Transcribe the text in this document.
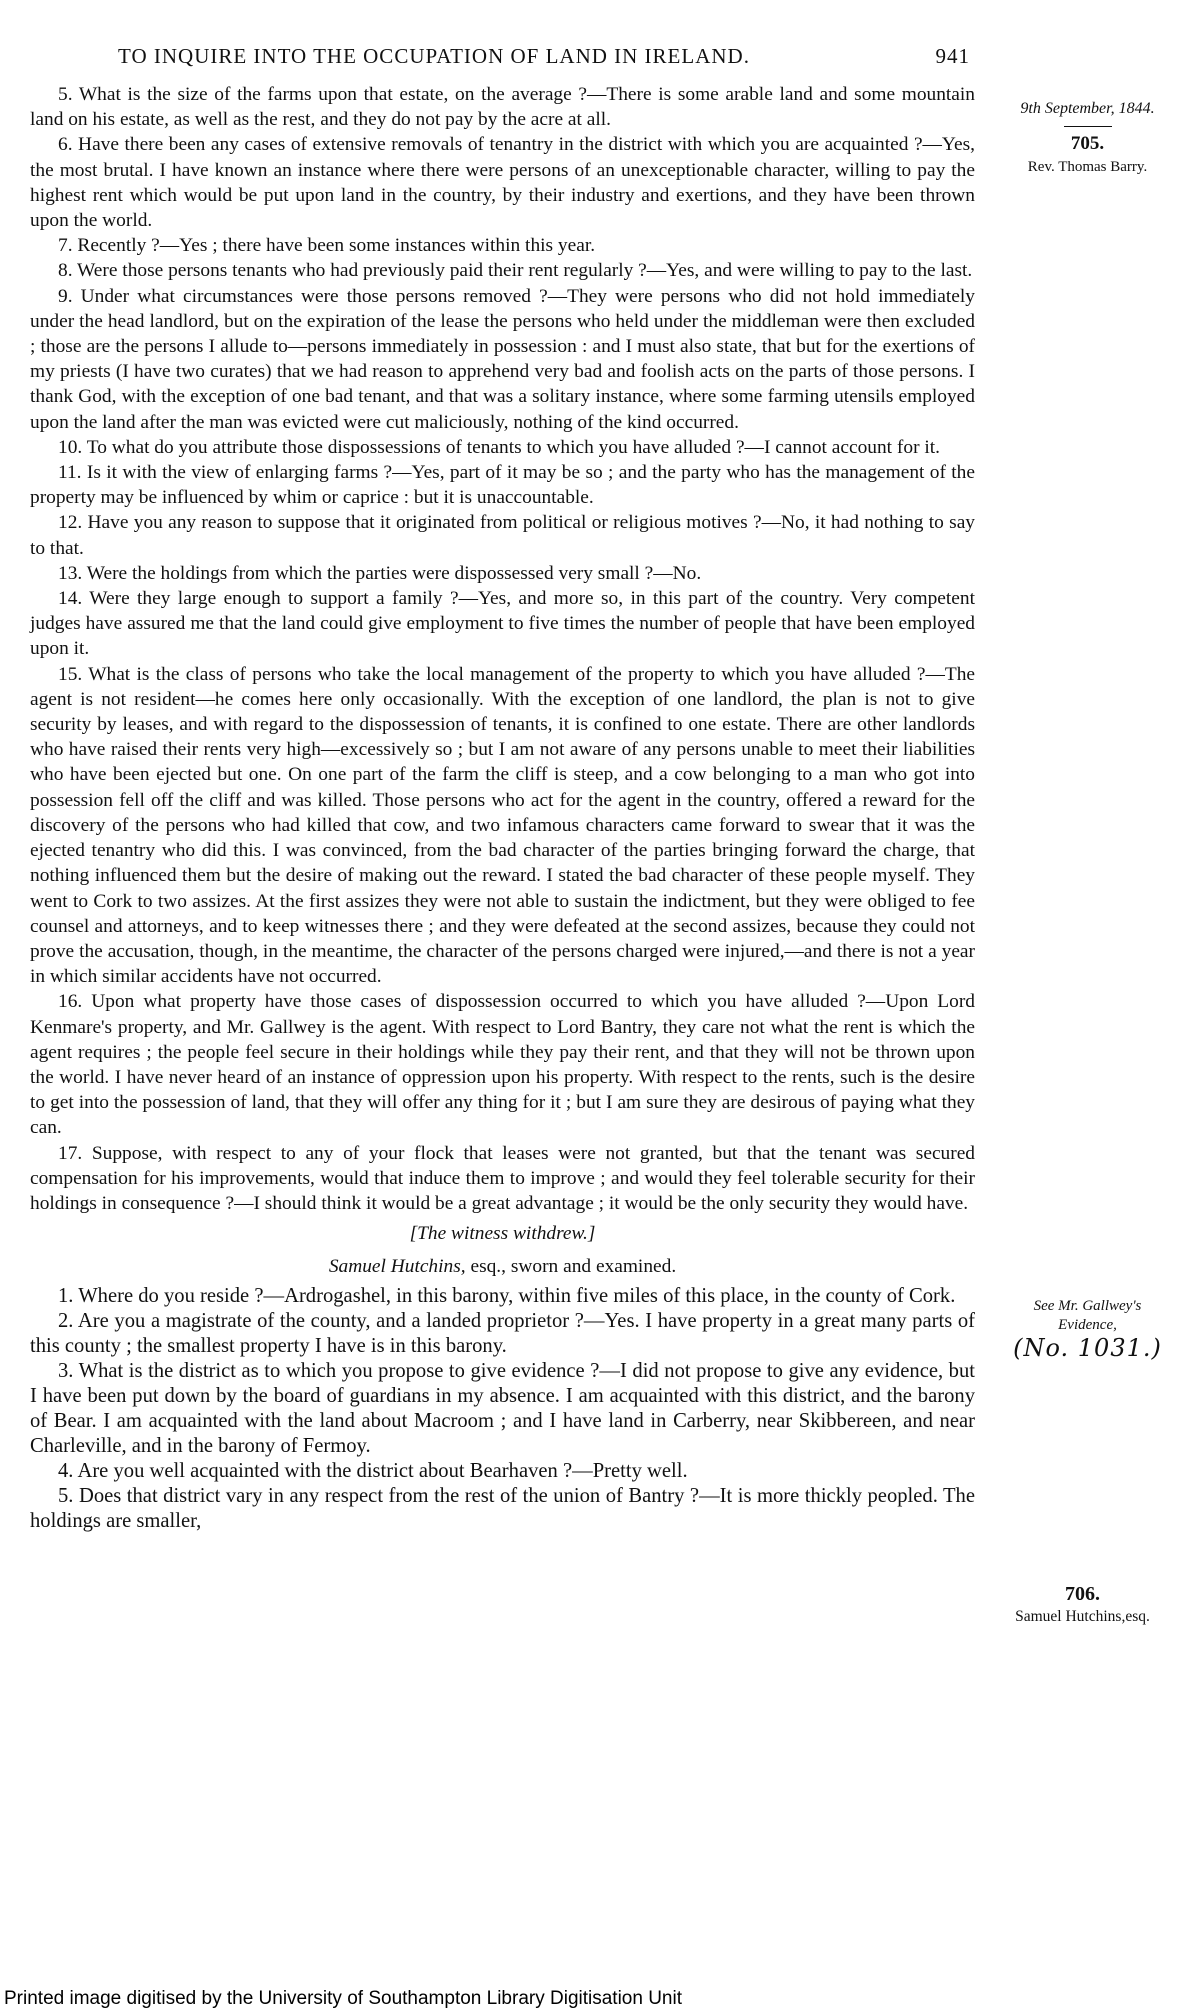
TO INQUIRE INTO THE OCCUPATION OF LAND IN IRELAND.	941
9th September, 1844.
705.
Rev. Thomas Barry.
See Mr. Gallwey's
Evidence,
(No. 1031.)
706.
Samuel Hutchins,esq.

5. What is the size of the farms upon that estate, on the average ?—There is some arable land and some mountain land on his estate, as well as the rest, and they do not pay by the acre at all.

6. Have there been any cases of extensive removals of tenantry in the district with which you are acquainted ?—Yes, the most brutal. I have known an instance where there were persons of an unexceptionable character, willing to pay the highest rent which would be put upon land in the country, by their industry and exertions, and they have been thrown upon the world.

7. Recently ?—Yes ; there have been some instances within this year.

8. Were those persons tenants who had previously paid their rent regularly ?—Yes, and were willing to pay to the last.

9. Under what circumstances were those persons removed ?—They were persons who did not hold immediately under the head landlord, but on the expiration of the lease the persons who held under the middleman were then excluded ; those are the persons I allude to—persons immediately in possession : and I must also state, that but for the exertions of my priests (I have two curates) that we had reason to apprehend very bad and foolish acts on the parts of those persons. I thank God, with the exception of one bad tenant, and that was a solitary instance, where some farming utensils employed upon the land after the man was evicted were cut maliciously, nothing of the kind occurred.

10. To what do you attribute those dispossessions of tenants to which you have alluded ?—I cannot account for it.

11. Is it with the view of enlarging farms ?—Yes, part of it may be so ; and the party who has the management of the property may be influenced by whim or caprice : but it is unaccountable.

12. Have you any reason to suppose that it originated from political or religious motives ?—No, it had nothing to say to that.

13. Were the holdings from which the parties were dispossessed very small ?—No.

14. Were they large enough to support a family ?—Yes, and more so, in this part of the country. Very competent judges have assured me that the land could give employment to five times the number of people that have been employed upon it.

15. What is the class of persons who take the local management of the property to which you have alluded ?—The agent is not resident—he comes here only occasionally. With the exception of one landlord, the plan is not to give security by leases, and with regard to the dispossession of tenants, it is confined to one estate. There are other landlords who have raised their rents very high—excessively so ; but I am not aware of any persons unable to meet their liabilities who have been ejected but one. On one part of the farm the cliff is steep, and a cow belonging to a man who got into possession fell off the cliff and was killed. Those persons who act for the agent in the country, offered a reward for the discovery of the persons who had killed that cow, and two infamous characters came forward to swear that it was the ejected tenantry who did this. I was convinced, from the bad character of the parties bringing forward the charge, that nothing influenced them but the desire of making out the reward. I stated the bad character of these people myself. They went to Cork to two assizes. At the first assizes they were not able to sustain the indictment, but they were obliged to fee counsel and attorneys, and to keep witnesses there ; and they were defeated at the second assizes, because they could not prove the accusation, though, in the meantime, the character of the persons charged were injured,—and there is not a year in which similar accidents have not occurred.

16. Upon what property have those cases of dispossession occurred to which you have alluded ?—Upon Lord Kenmare's property, and Mr. Gallwey is the agent. With respect to Lord Bantry, they care not what the rent is which the agent requires ; the people feel secure in their holdings while they pay their rent, and that they will not be thrown upon the world. I have never heard of an instance of oppression upon his property. With respect to the rents, such is the desire to get into the possession of land, that they will offer any thing for it ; but I am sure they are desirous of paying what they can.

17. Suppose, with respect to any of your flock that leases were not granted, but that the tenant was secured compensation for his improvements, would that induce them to improve ; and would they feel tolerable security for their holdings in consequence ?—I should think it would be a great advantage ; it would be the only security they would have.

[The witness withdrew.]

Samuel Hutchins, esq., sworn and examined.

1. Where do you reside ?—Ardrogashel, in this barony, within five miles of this place, in the county of Cork.

2. Are you a magistrate of the county, and a landed proprietor ?—Yes. I have property in a great many parts of this county ; the smallest property I have is in this barony.

3. What is the district as to which you propose to give evidence ?—I did not propose to give any evidence, but I have been put down by the board of guardians in my absence. I am acquainted with this district, and the barony of Bear. I am acquainted with the land about Macroom ; and I have land in Carberry, near Skibbereen, and near Charleville, and in the barony of Fermoy.

4. Are you well acquainted with the district about Bearhaven ?—Pretty well.

5. Does that district vary in any respect from the rest of the union of Bantry ?—It is more thickly peopled. The holdings are smaller,

Printed image digitised by the University of Southampton Library Digitisation Unit
